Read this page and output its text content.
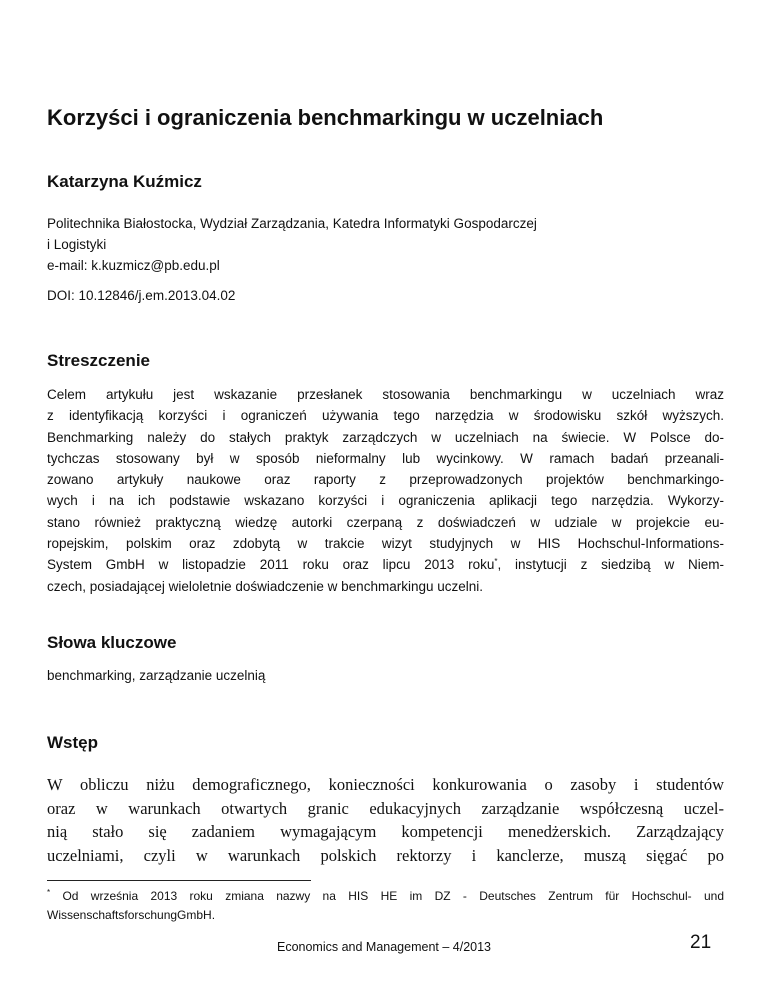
Korzyści i ograniczenia benchmarkingu w uczelniach

Katarzyna Kuźmicz

Politechnika Białostocka, Wydział Zarządzania, Katedra Informatyki Gospodarczej
i Logistyki
e-mail: k.kuzmicz@pb.edu.pl

DOI: 10.12846/j.em.2013.04.02

Streszczenie
Celem artykułu jest wskazanie przesłanek stosowania benchmarkingu w uczelniach wraz
z identyfikacją korzyści i ograniczeń używania tego narzędzia w środowisku szkół wyższych.
Benchmarking należy do stałych praktyk zarządczych w uczelniach na świecie. W Polsce do-
tychczas stosowany był w sposób nieformalny lub wycinkowy. W ramach badań przeanali-
zowano artykuły naukowe oraz raporty z przeprowadzonych projektów benchmarkingo-
wych i na ich podstawie wskazano korzyści i ograniczenia aplikacji tego narzędzia. Wykorzy-
stano również praktyczną wiedzę autorki czerpaną z doświadczeń w udziale w projekcie eu-
ropejskim, polskim oraz zdobytą w trakcie wizyt studyjnych w HIS Hochschul-Informations-
System GmbH w listopadzie 2011 roku oraz lipcu 2013 roku*, instytucji z siedzibą w Niem-
czech, posiadającej wieloletnie doświadczenie w benchmarkingu uczelni.
Słowa kluczowe

benchmarking, zarządzanie uczelnią

Wstęp
W obliczu niżu demograficznego, konieczności konkurowania o zasoby i studentów
oraz w warunkach otwartych granic edukacyjnych zarządzanie współczesną uczel-
nią stało się zadaniem wymagającym kompetencji menedżerskich. Zarządzający
uczelniami, czyli w warunkach polskich rektorzy i kanclerze, muszą sięgać po
* Od września 2013 roku zmiana nazwy na HIS HE im DZ - Deutsches Zentrum für Hochschul- und
WissenschaftsforschungGmbH.

Economics and Management – 4/2013	21
